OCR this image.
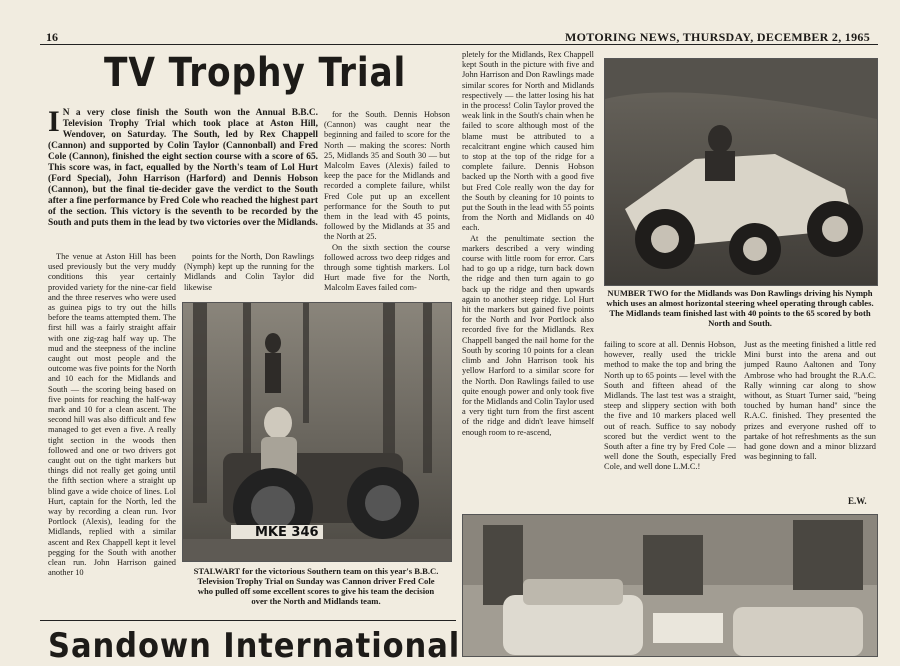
16	MOTORING NEWS, THURSDAY, DECEMBER 2, 1965
TV Trophy Trial
I N a very close finish the South won the Annual B.B.C. Television Trophy Trial which took place at Aston Hill, Wendover, on Saturday. The South, led by Rex Chappell (Cannon) and supported by Colin Taylor (Cannonball) and Fred Cole (Cannon), finished the eight section course with a score of 65. This score was, in fact, equalled by the North's team of Lol Hurt (Ford Special), John Harrison (Harford) and Dennis Hobson (Cannon), but the final tie-decider gave the verdict to the South after a fine performance by Fred Cole who reached the highest part of the section. This victory is the seventh to be recorded by the South and puts them in the lead by two victories over the Midlands.

The venue at Aston Hill has been used previously but the very muddy conditions this year certainly provided variety for the nine-car field and the three reserves who were used as guinea pigs to try out the hills before the teams attempted them. The first hill was a fairly straight affair with one zig-zag half way up. The mud and the steepness of the incline caught out most people and the outcome was five points for the North and 10 each for the Midlands and South — the scoring being based on five points for reaching the half-way mark and 10 for a clean ascent. The second hill was also difficult and few managed to get even a five. A really tight section in the woods then followed and one or two drivers got caught out on the tight markers but things did not really get going until the fifth section where a straight up blind gave a wide choice of lines. Lol Hurt, captain for the North, led the way by recording a clean run. Ivor Portlock (Alexis), leading for the Midlands, replied with a similar ascent and Rex Chappell kept it level pegging for the South with another clean run. John Harrison gained another 10

points for the North, Don Rawlings (Nymph) kept up the running for the Midlands and Colin Taylor did likewise

MKE 346
STALWART for the victorious Southern team on this year's B.B.C. Television Trophy Trial on Sunday was Cannon driver Fred Cole who pulled off some excellent scores to give his team the decision over the North and Midlands team.

for the South. Dennis Hobson (Cannon) was caught near the beginning and failed to score for the North — making the scores: North 25, Midlands 35 and South 30 — but Malcolm Eaves (Alexis) failed to keep the pace for the Midlands and recorded a complete failure, whilst Fred Cole put up an excellent performance for the South to put them in the lead with 45 points, followed by the Midlands at 35 and the North at 25.

On the sixth section the course followed across two deep ridges and through some tightish markers. Lol Hurt made five for the North, Malcolm Eaves failed com-

pletely for the Midlands, Rex Chappell kept South in the picture with five and John Harrison and Don Rawlings made similar scores for North and Midlands respectively — the latter losing his hat in the process! Colin Taylor proved the weak link in the South's chain when he failed to score although most of the blame must be attributed to a recalcitrant engine which caused him to stop at the top of the ridge for a complete failure. Dennis Hobson backed up the North with a good five but Fred Cole really won the day for the South by cleaning for 10 points to put the South in the lead with 55 points from the North and Midlands on 40 each.

At the penultimate section the markers described a very winding course with little room for error. Cars had to go up a ridge, turn back down the ridge and then turn again to go back up the ridge and then upwards again to another steep ridge. Lol Hurt hit the markers but gained five points for the North and Ivor Portlock also recorded five for the Midlands. Rex Chappell banged the nail home for the South by scoring 10 points for a clean climb and John Harrison took his yellow Harford to a similar score for the North. Don Rawlings failed to use quite enough power and only took five for the Midlands and Colin Taylor used a very tight turn from the first ascent of the ridge and didn't leave himself enough room to re-ascend,

NUMBER TWO for the Midlands was Don Rawlings driving his Nymph which uses an almost horizontal steering wheel operating through cables. The Midlands team finished last with 40 points to the 65 scored by both North and South.

failing to score at all. Dennis Hobson, however, really used the trickle method to make the top and bring the North up to 65 points — level with the South and fifteen ahead of the Midlands. The last test was a straight, steep and slippery section with both the five and 10 markers placed well out of reach. Suffice to say nobody scored but the verdict went to the South after a fine try by Fred Cole — well done the South, especially Fred Cole, and well done L.M.C.!

Just as the meeting finished a little red Mini burst into the arena and out jumped Rauno Aaltonen and Tony Ambrose who had brought the R.A.C. Rally winning car along to show without, as Stuart Turner said, "being touched by human hand" since the R.A.C. finished. They presented the prizes and everyone rushed off to partake of hot refreshments as the sun had gone down and a minor blizzard was beginning to fall.

E.W.
Sandown International
